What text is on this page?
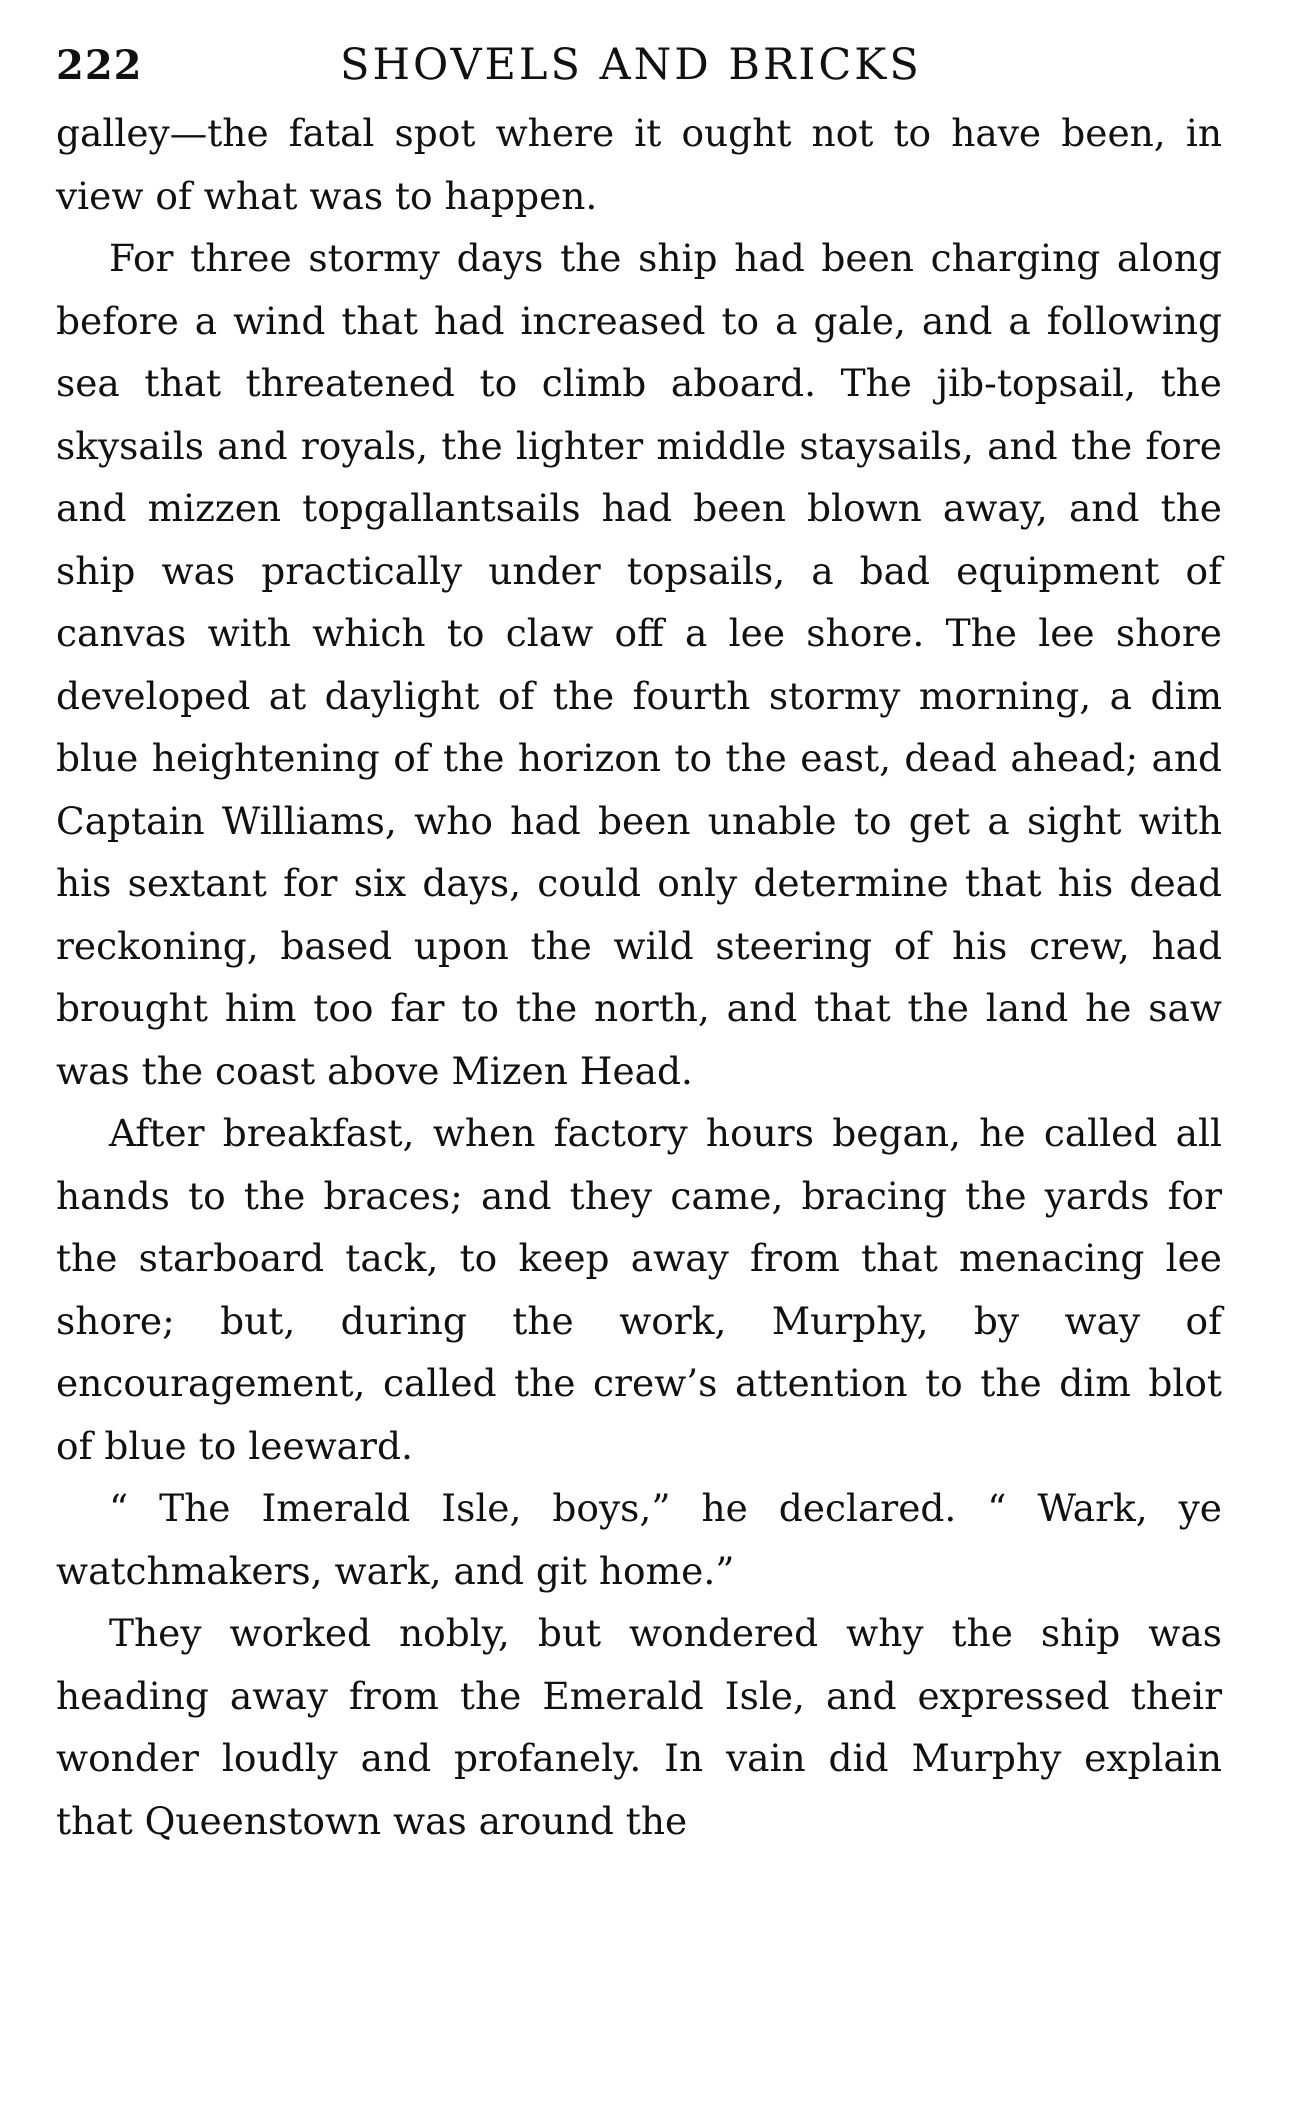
222	SHOVELS AND BRICKS

galley—the fatal spot where it ought not to have been, in view of what was to happen.

For three stormy days the ship had been charging along before a wind that had increased to a gale, and a following sea that threatened to climb aboard. The jib-topsail, the skysails and royals, the lighter middle staysails, and the fore and mizzen topgallantsails had been blown away, and the ship was practically under topsails, a bad equipment of canvas with which to claw off a lee shore. The lee shore developed at daylight of the fourth stormy morning, a dim blue heightening of the horizon to the east, dead ahead; and Captain Williams, who had been unable to get a sight with his sextant for six days, could only determine that his dead reckoning, based upon the wild steering of his crew, had brought him too far to the north, and that the land he saw was the coast above Mizen Head.

After breakfast, when factory hours began, he called all hands to the braces; and they came, bracing the yards for the starboard tack, to keep away from that menacing lee shore; but, during the work, Murphy, by way of encouragement, called the crew’s attention to the dim blot of blue to leeward.

“ The Imerald Isle, boys,” he declared. “ Wark, ye watchmakers, wark, and git home.”

They worked nobly, but wondered why the ship was heading away from the Emerald Isle, and expressed their wonder loudly and profanely. In vain did Murphy explain that Queenstown was around the
